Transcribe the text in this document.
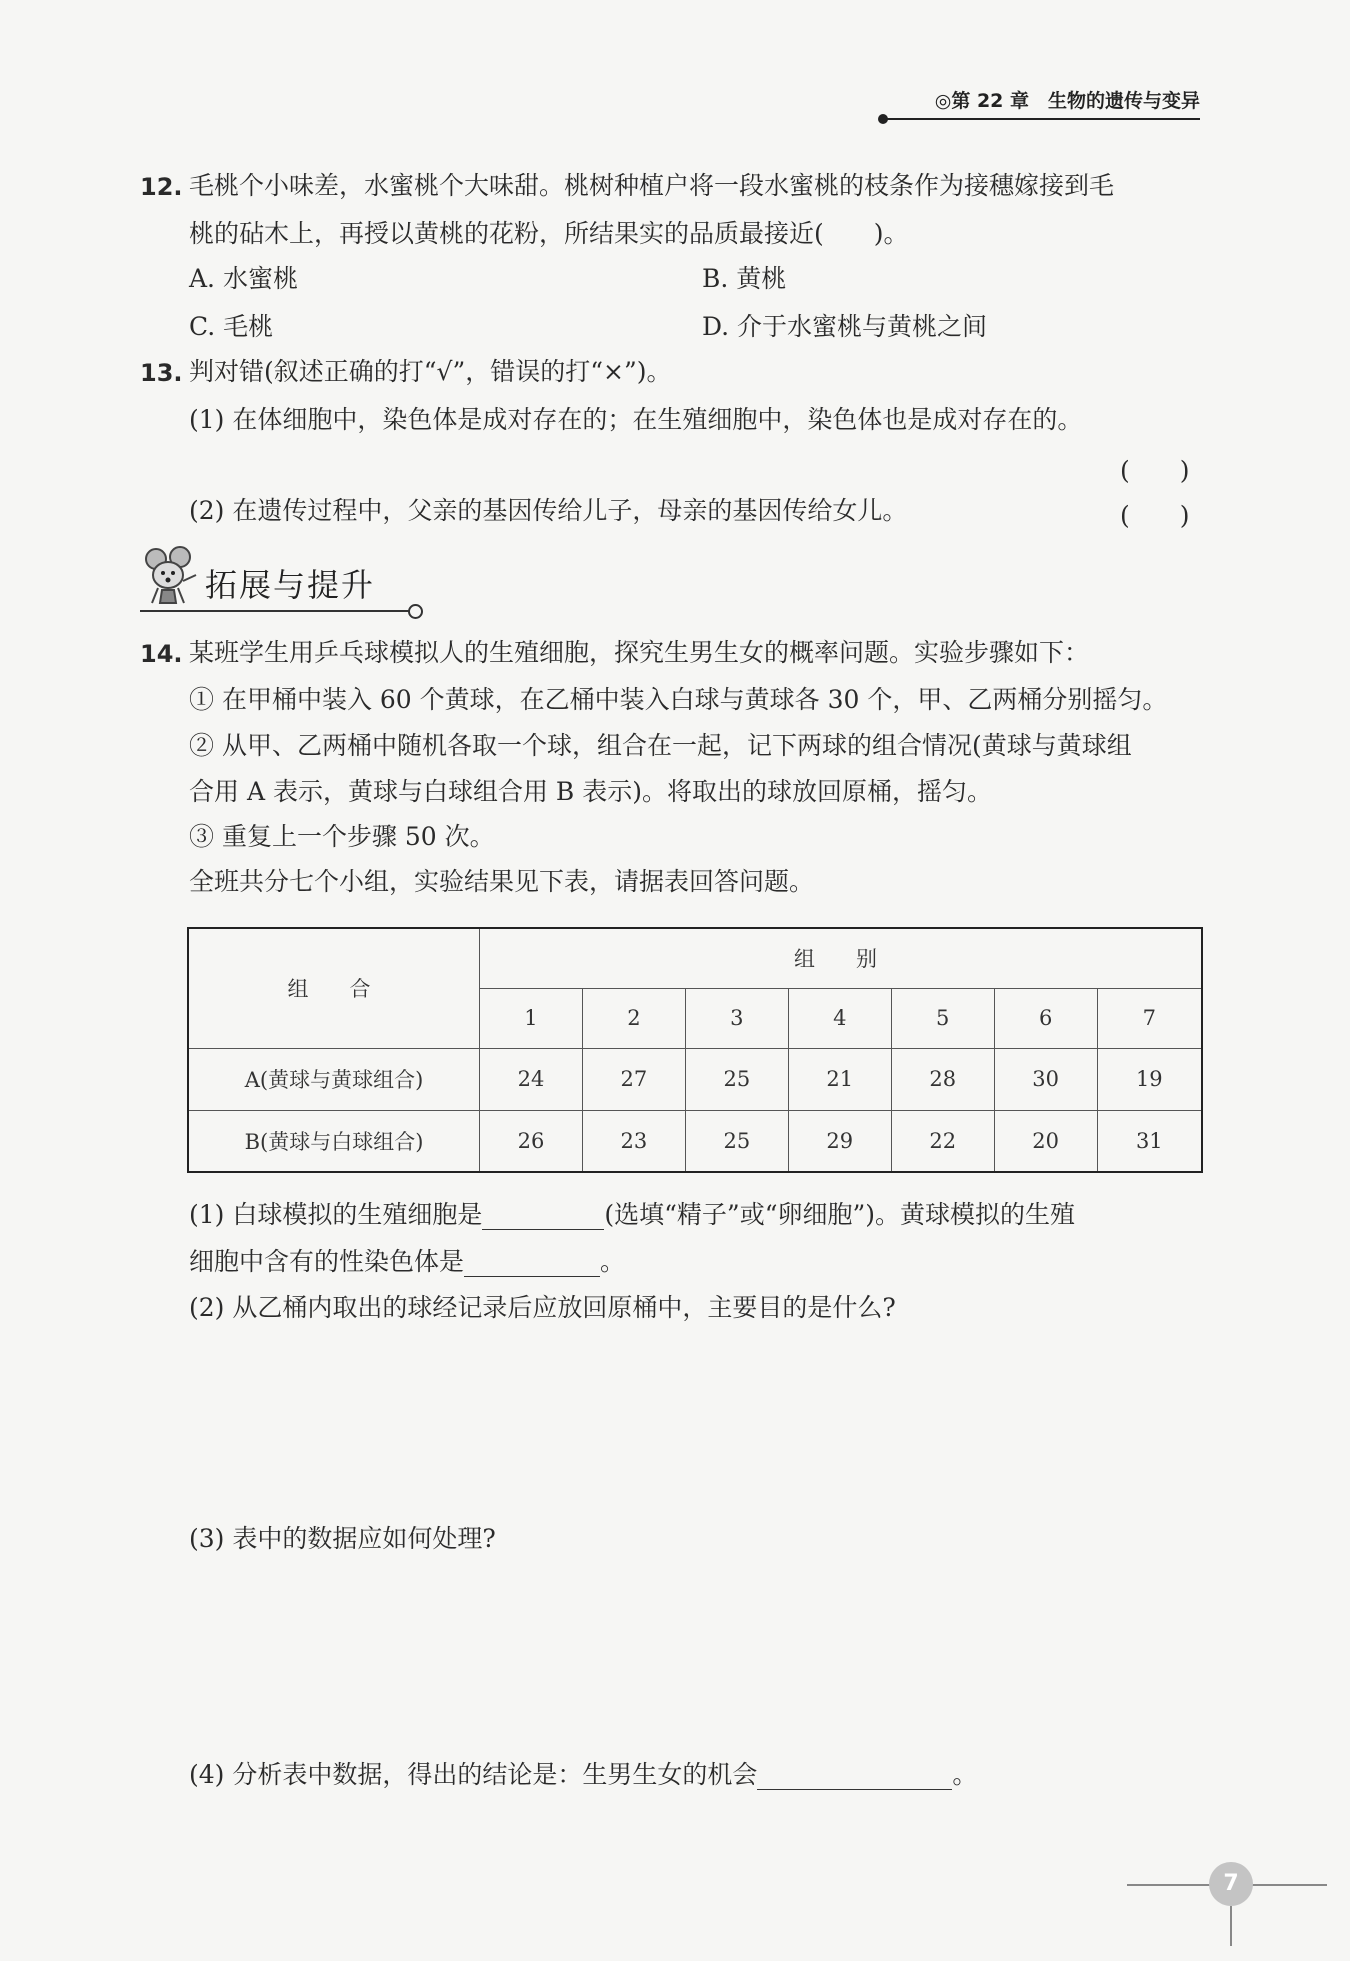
◎第 22 章　生物的遗传与变异
12. 毛桃个小味差，水蜜桃个大味甜。桃树种植户将一段水蜜桃的枝条作为接穗嫁接到毛
桃的砧木上，再授以黄桃的花粉，所结果实的品质最接近(　　)。
A. 水蜜桃	B. 黄桃
C. 毛桃	D. 介于水蜜桃与黄桃之间
13. 判对错(叙述正确的打“√”，错误的打“×”)。
(1) 在体细胞中，染色体是成对存在的；在生殖细胞中，染色体也是成对存在的。
(　　)
(2) 在遗传过程中，父亲的基因传给儿子，母亲的基因传给女儿。	(　　)
拓展与提升
14. 某班学生用乒乓球模拟人的生殖细胞，探究生男生女的概率问题。实验步骤如下：
① 在甲桶中装入 60 个黄球，在乙桶中装入白球与黄球各 30 个，甲、乙两桶分别摇匀。
② 从甲、乙两桶中随机各取一个球，组合在一起，记下两球的组合情况(黄球与黄球组
合用 A 表示，黄球与白球组合用 B 表示)。将取出的球放回原桶，摇匀。
③ 重复上一个步骤 50 次。
全班共分七个小组，实验结果见下表，请据表回答问题。
组　合	组　别						
	1	2	3	4	5	6	7
A(黄球与黄球组合)	24	27	25	21	28	30	19
B(黄球与白球组合)	26	23	25	29	22	20	31
(1) 白球模拟的生殖细胞是	(选填“精子”或“卵细胞”)。黄球模拟的生殖
细胞中含有的性染色体是	。
(2) 从乙桶内取出的球经记录后应放回原桶中，主要目的是什么?
(3) 表中的数据应如何处理?
(4) 分析表中数据，得出的结论是：生男生女的机会	。
7
